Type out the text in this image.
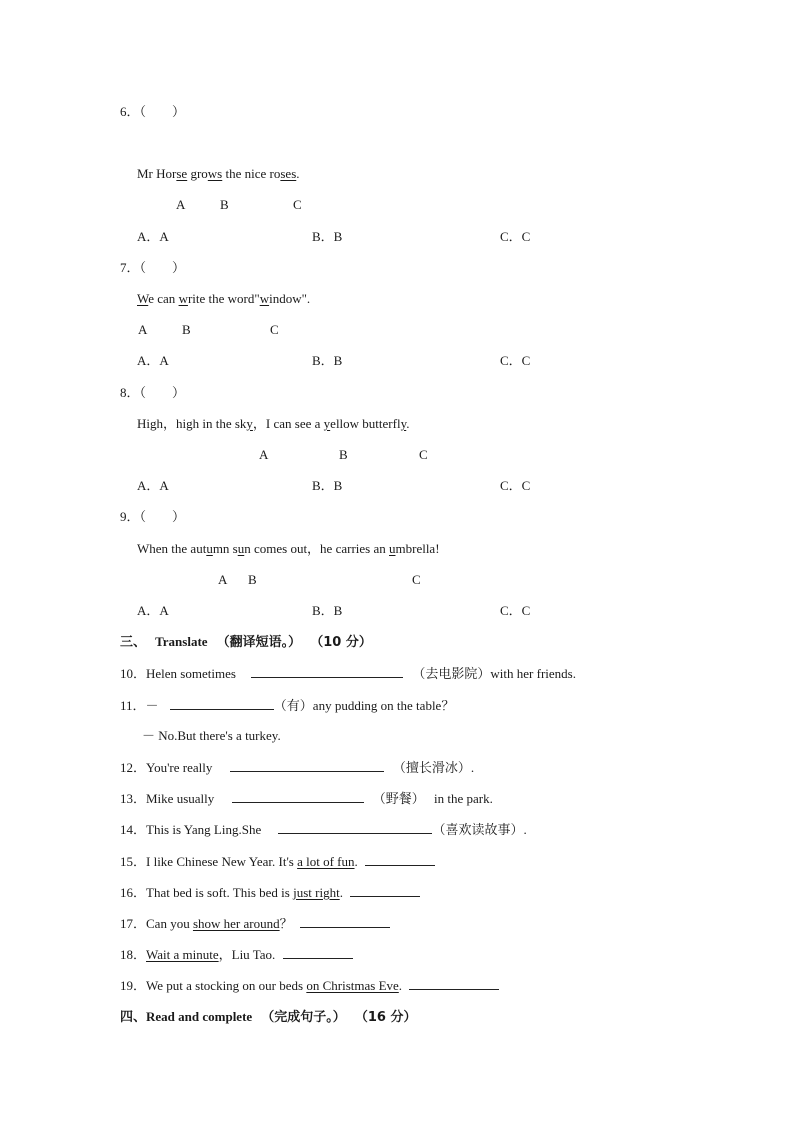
6．（　　）
Mr Horse grows the nice roses.
A	B	C
A．A	B．B	C．C
7．（　　）
We can write the word"window".
A	B	C
A．A	B．B	C．C
8．（　　）
High，high in the sky，I can see a yellow butterfly.
A	B	C
A．A	B．B	C．C
9．（　　）
When the autumn sun comes out，he carries an umbrella!
A B	C
A．A	B．B	C．C
三、 Translate （翻译短语。） （10 分）
10．Helen sometimes	（去电影院）with her friends.
11．－	（有）any pudding on the table？
－ No.But there's a turkey.
12．You're really	（擅长滑冰）.
13．Mike usually	（野餐） in the park.
14．This is Yang Ling.She	（喜欢读故事）.
15．I like Chinese New Year. It's a lot of fun.
16．That bed is soft. This bed is just right.
17．Can you show her around？
18．Wait a minute，Liu Tao.
19．We put a stocking on our beds on Christmas Eve.
四、Read and complete （完成句子。） （16 分）
